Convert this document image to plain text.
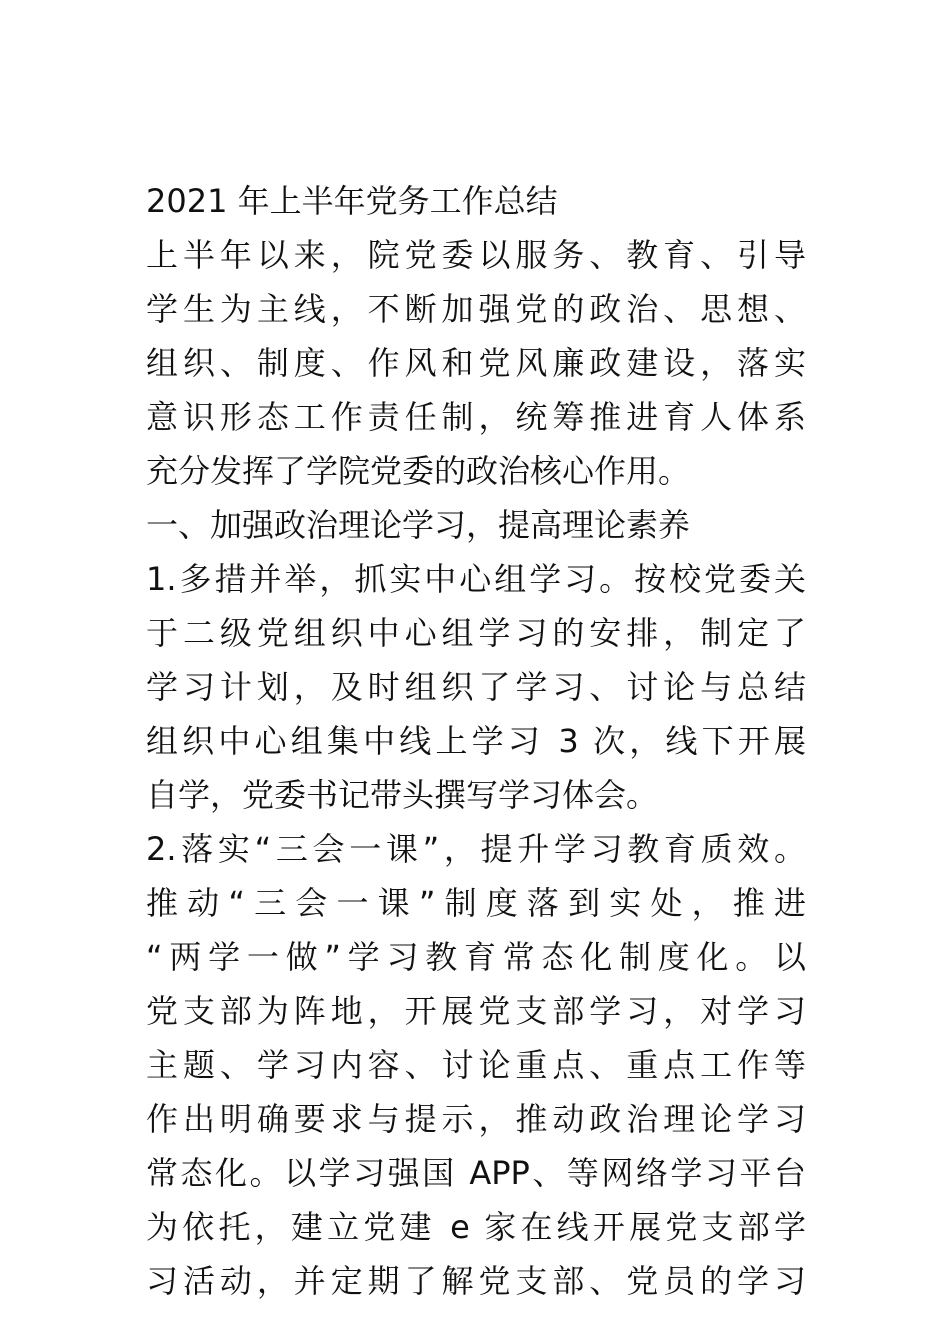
2021 年上半年党务工作总结
上半年以来，院党委以服务、教育、引导
学生为主线，不断加强党的政治、思想、
组织、制度、作风和党风廉政建设，落实
意识形态工作责任制，统筹推进育人体系
充分发挥了学院党委的政治核心作用。
一、加强政治理论学习，提高理论素养
1.多措并举，抓实中心组学习。按校党委关
于二级党组织中心组学习的安排，制定了
学习计划，及时组织了学习、讨论与总结
组织中心组集中线上学习 3 次，线下开展
自学，党委书记带头撰写学习体会。
2.落实“三会一课”，提升学习教育质效。
推动“三会一课”制度落到实处，推进
“两学一做”学习教育常态化制度化。以
党支部为阵地，开展党支部学习，对学习
主题、学习内容、讨论重点、重点工作等
作出明确要求与提示，推动政治理论学习
常态化。以学习强国 APP、等网络学习平台
为依托，建立党建 e 家在线开展党支部学
习活动，并定期了解党支部、党员的学习
